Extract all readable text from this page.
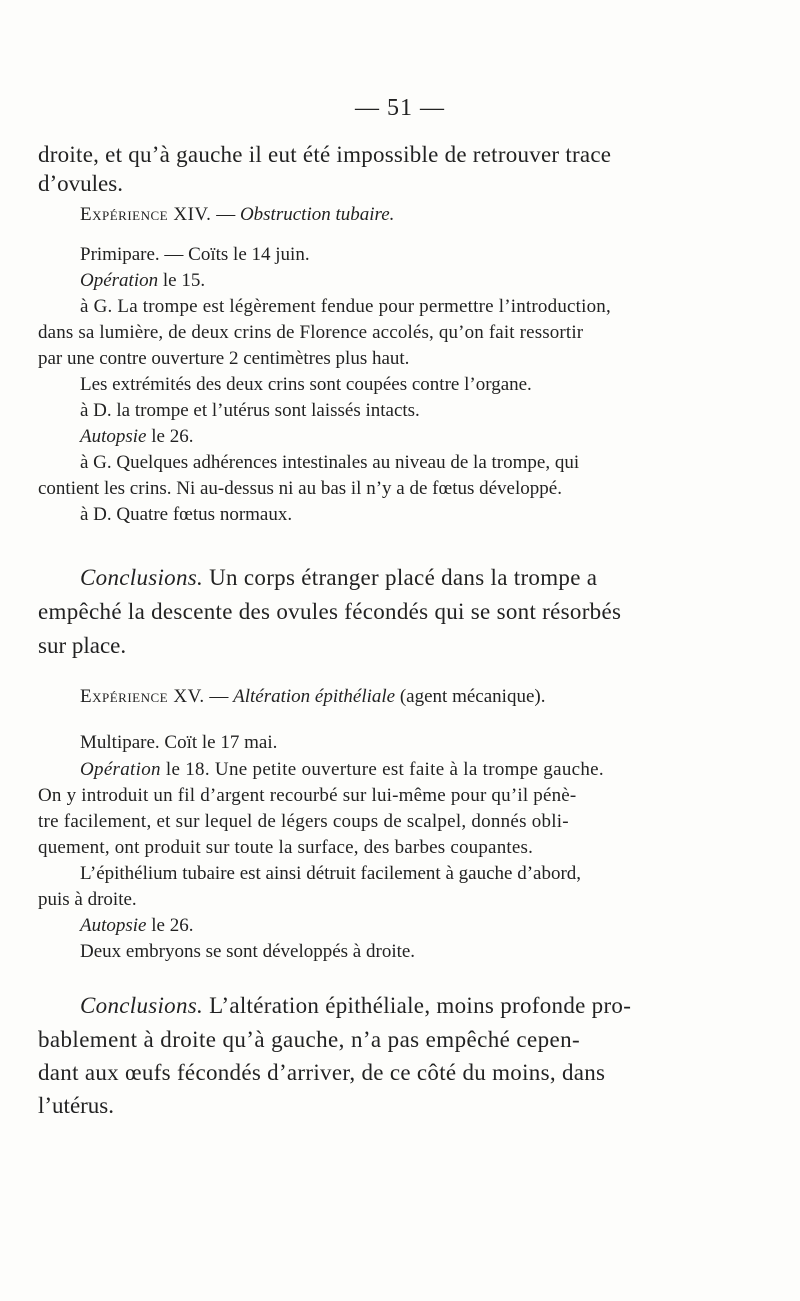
— 51 —
droite, et qu’à gauche il eut été impossible de retrouver trace
d’ovules.
Expérience XIV. — Obstruction tubaire.
Primipare. — Coïts le 14 juin.
Opération le 15.
à G. La trompe est légèrement fendue pour permettre l’introduction,
dans sa lumière, de deux crins de Florence accolés, qu’on fait ressortir
par une contre ouverture 2 centimètres plus haut.
Les extrémités des deux crins sont coupées contre l’organe.
à D. la trompe et l’utérus sont laissés intacts.
Autopsie le 26.
à G. Quelques adhérences intestinales au niveau de la trompe, qui
contient les crins. Ni au-dessus ni au bas il n’y a de fœtus développé.
à D. Quatre fœtus normaux.
Conclusions. Un corps étranger placé dans la trompe a
empêché la descente des ovules fécondés qui se sont résorbés
sur place.
Expérience XV. — Altération épithéliale (agent mécanique).
Multipare. Coït le 17 mai.
Opération le 18. Une petite ouverture est faite à la trompe gauche.
On y introduit un fil d’argent recourbé sur lui-même pour qu’il pénè-
tre facilement, et sur lequel de légers coups de scalpel, donnés obli-
quement, ont produit sur toute la surface, des barbes coupantes.
L’épithélium tubaire est ainsi détruit facilement à gauche d’abord,
puis à droite.
Autopsie le 26.
Deux embryons se sont développés à droite.
Conclusions. L’altération épithéliale, moins profonde pro-
bablement à droite qu’à gauche, n’a pas empêché cepen-
dant aux œufs fécondés d’arriver, de ce côté du moins, dans
l’utérus.
